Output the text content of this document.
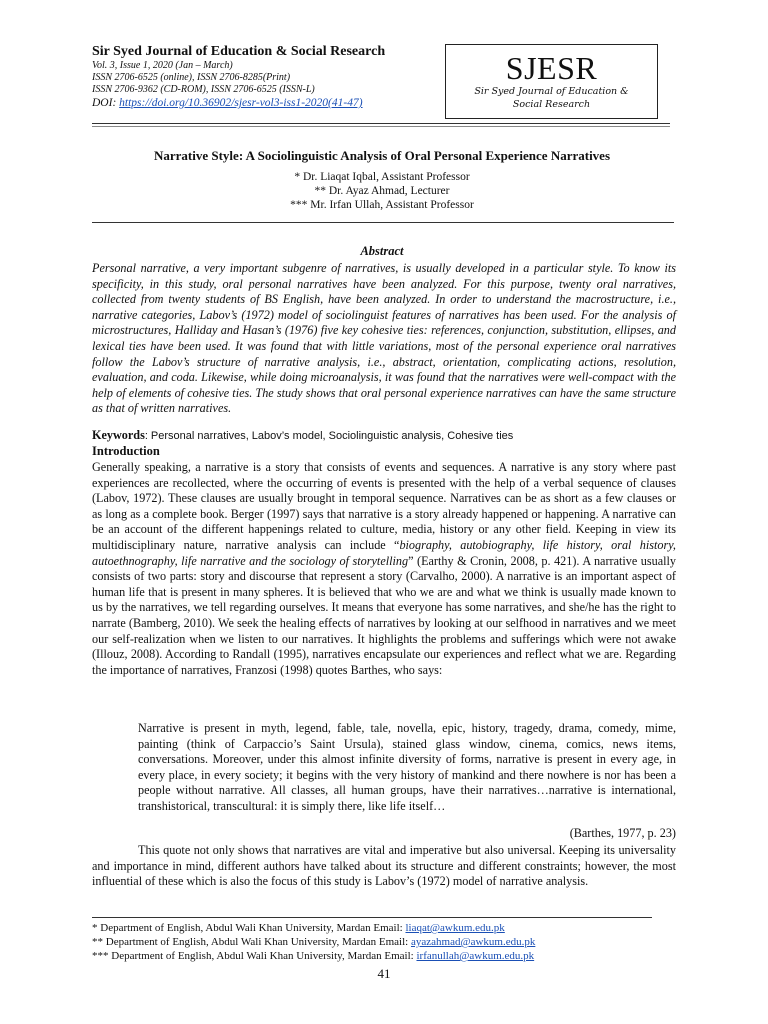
Sir Syed Journal of Education & Social Research
Vol. 3, Issue 1, 2020 (Jan – March)
ISSN 2706-6525 (online), ISSN 2706-8285(Print)
ISSN 2706-9362 (CD-ROM), ISSN 2706-6525 (ISSN-L)
DOI: https://doi.org/10.36902/sjesr-vol3-iss1-2020(41-47)
SJESR
Sir Syed Journal of Education &
Social Research
Narrative Style: A Sociolinguistic Analysis of Oral Personal Experience Narratives
* Dr. Liaqat Iqbal, Assistant Professor
** Dr. Ayaz Ahmad, Lecturer
*** Mr. Irfan Ullah, Assistant Professor
Abstract

Personal narrative, a very important subgenre of narratives, is usually developed in a particular style. To know its specificity, in this study, oral personal narratives have been analyzed. For this purpose, twenty oral narratives, collected from twenty students of BS English, have been analyzed. In order to understand the macrostructure, i.e., narrative categories, Labov’s (1972) model of sociolinguist features of narratives has been used. For the analysis of microstructures, Halliday and Hasan’s (1976) five key cohesive ties: references, conjunction, substitution, ellipses, and lexical ties have been used. It was found that with little variations, most of the personal experience oral narratives follow the Labov’s structure of narrative analysis, i.e., abstract, orientation, complicating actions, resolution, evaluation, and coda. Likewise, while doing microanalysis, it was found that the narratives were well-compact with the help of elements of cohesive ties. The study shows that oral personal experience narratives can have the same structure as that of written narratives.

Keywords: Personal narratives, Labov’s model, Sociolinguistic analysis, Cohesive ties
Introduction

Generally speaking, a narrative is a story that consists of events and sequences. A narrative is any story where past experiences are recollected, where the occurring of events is presented with the help of a verbal sequence of clauses (Labov, 1972). These clauses are usually brought in temporal sequence. Narratives can be as short as a few clauses or as long as a complete book. Berger (1997) says that narrative is a story already happened or happening. A narrative can be an account of the different happenings related to culture, media, history or any other field. Keeping in view its multidisciplinary nature, narrative analysis can include “biography, autobiography, life history, oral history, autoethnography, life narrative and the sociology of storytelling” (Earthy & Cronin, 2008, p. 421). A narrative usually consists of two parts: story and discourse that represent a story (Carvalho, 2000). A narrative is an important aspect of human life that is present in many spheres. It is believed that who we are and what we think is usually made known to us by the narratives, we tell regarding ourselves. It means that everyone has some narratives, and she/he has the right to narrate (Bamberg, 2010). We seek the healing effects of narratives by looking at our selfhood in narratives and we meet our self-realization when we listen to our narratives. It highlights the problems and sufferings which were not awake (Illouz, 2008). According to Randall (1995), narratives encapsulate our experiences and reflect what we are. Regarding the importance of narratives, Franzosi (1998) quotes Barthes, who says:

Narrative is present in myth, legend, fable, tale, novella, epic, history, tragedy, drama, comedy, mime, painting (think of Carpaccio’s Saint Ursula), stained glass window, cinema, comics, news items, conversations. Moreover, under this almost infinite diversity of forms, narrative is present in every age, in every place, in every society; it begins with the very history of mankind and there nowhere is nor has been a people without narrative. All classes, all human groups, have their narratives…narrative is international, transhistorical, transcultural: it is simply there, like life itself…

(Barthes, 1977, p. 23)

This quote not only shows that narratives are vital and imperative but also universal. Keeping its universality and importance in mind, different authors have talked about its structure and different constraints; however, the most influential of these which is also the focus of this study is Labov’s (1972) model of narrative analysis.

* Department of English, Abdul Wali Khan University, Mardan Email: liaqat@awkum.edu.pk
** Department of English, Abdul Wali Khan University, Mardan Email: ayazahmad@awkum.edu.pk
*** Department of English, Abdul Wali Khan University, Mardan Email: irfanullah@awkum.edu.pk
41
